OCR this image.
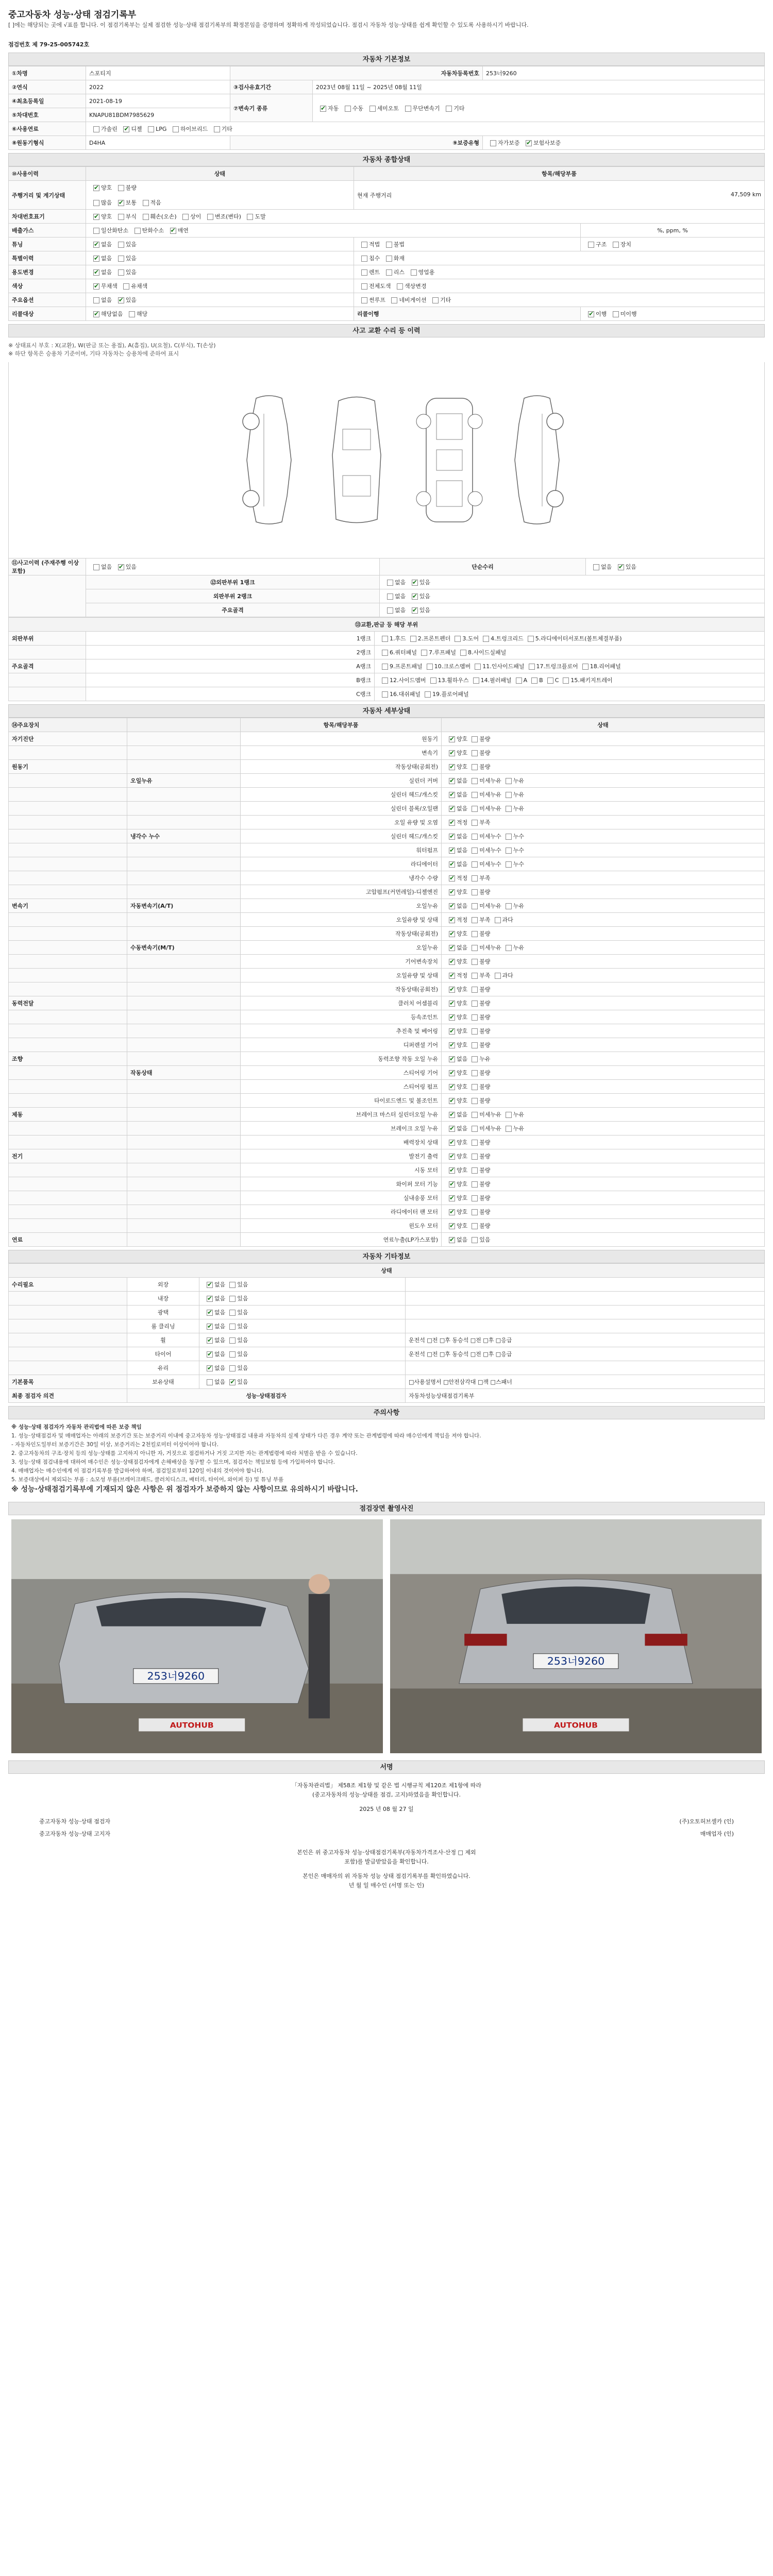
중고자동차 성능·상태 점검기록부
[ ]에는 해당되는 곳에 √표를 합니다. 이 점검기록부는 실제 점검한 성능·상태 점검기록부의 확정본임을 증명하며 정확하게 작성되었습니다. 점검시 자동차 성능·상태를 쉽게 확인할 수 있도록 사용하시기 바랍니다.
점검번호 제 79-25-005742호
자동차 기본정보
①차명	스포티지	자동차등록번호		253너9260
②연식	2022	③검사유효기간	2023년 08월 11일 ~ 2025년 08월 11일	
④최초등록일	2021-08-19	⑦변속기 종류	✔자동 수동 세미오토 무단변속기 기타
⑤차대번호	KNAPU81BDM7985629			
⑥사용연료	가솔린 ✔ 디젤 LPG 하이브리드 기타
⑧원동기형식	D4HA	⑨보증유형		자가보증 ✔ 보험사보증
자동차 종합상태
⑩사용이력	상태	항목/해당부품	
주행거리 및 계기상태	✔양호 불량

많음 ✔ 보통 적음	현재 주행거리 47,509 km	

차대번호표기	✔양호 부식 훼손(오손) 상이 변조(변타) 도말
배출가스	일산화탄소 탄화수소 ✔ 매연		%, ppm, %
튜닝	✔없음 있음	적법 불법	구조 장치
특별이력	✔없음 있음	침수 화재	
용도변경	✔없음 있음	렌트 리스 영업용	
색상	✔무채색 유채색	전체도색 색상변경	
주요옵션	없음 ✔ 있음	썬루프 네비게이션 기타	
리콜대상	✔해당없음 해당	리콜이행	✔이행 미이행
사고 교환 수리 등 이력
※ 상태표시 부호 : X(교환), W(판금 또는 용접), A(흠집), U(요철), C(부식), T(손상)
※ 하단 항목은 승용차 기준이며, 기타 자동차는 승용차에 준하여 표시
⑪사고이력 (주재주행 이상 포함)	없음 ✔ 있음	단순수리	없음 ✔ 있음
	⑫외판부위 1랭크	없음 ✔ 있음
	외판부위 2랭크	없음 ✔ 있음
	주요골격	없음 ✔ 있음
⑬교환,판금 등 해당 부위		
외판부위	1랭크	1.후드 2.프론트펜더 3.도어 4.트렁크리드 5.라디에이터서포트(볼트체결부품)
	2랭크	6.쿼터패널 7.루프패널 8.사이드실패널
주요골격	A랭크	9.프론트패널 10.크로스멤버 11.인사이드패널 17.트렁크플로어 18.리어패널
	B랭크	12.사이드멤버 13.휠하우스 14.필러패널 A B C 15.패키지트레이
	C랭크	16.대쉬패널 19.플로어패널
자동차 세부상태
⑭주요장치		항목/해당부품	상태
자기진단		원동기	✔양호 불량
		변속기	✔양호 불량
원동기		작동상태(공회전)	✔양호 불량
	오일누유	실린더 커버	✔없음 미세누유 누유
		실린더 헤드/개스킷	✔없음 미세누유 누유
		실린더 블록/오일팬	✔없음 미세누유 누유
		오일 유량 및 오염	✔적정 부족
	냉각수 누수	실린더 헤드/개스킷	✔없음 미세누수 누수
		워터펌프	✔없음 미세누수 누수
		라디에이터	✔없음 미세누수 누수
		냉각수 수량	✔적정 부족
		고압펌프(커먼레일)-디젤엔진	✔양호 불량
변속기	자동변속기(A/T)	오일누유	✔없음 미세누유 누유
		오일유량 및 상태	✔적정 부족 과다
		작동상태(공회전)	✔양호 불량
	수동변속기(M/T)	오일누유	✔없음 미세누유 누유
		기어변속장치	✔양호 불량
		오일유량 및 상태	✔적정 부족 과다
		작동상태(공회전)	✔양호 불량
동력전달		클러치 어셈블리	✔양호 불량
		등속조인트	✔양호 불량
		추진축 및 베어링	✔양호 불량
		디퍼렌셜 기어	✔양호 불량
조향		동력조향 작동 오일 누유	✔없음 누유
	작동상태	스티어링 기어	✔양호 불량
		스티어링 펌프	✔양호 불량
		타이로드엔드 및 볼조인트	✔양호 불량
제동		브레이크 마스터 실린더오일 누유	✔없음 미세누유 누유
		브레이크 오일 누유	✔없음 미세누유 누유
		배력장치 상태	✔양호 불량
전기		발전기 출력	✔양호 불량
		시동 모터	✔양호 불량
		와이퍼 모터 기능	✔양호 불량
		실내송풍 모터	✔양호 불량
		라디에이터 팬 모터	✔양호 불량
		윈도우 모터	✔양호 불량
연료		연료누출(LP가스포함)	✔없음 있음
자동차 기타정보
상태			
수리필요	외장	✔없음 있음	
	내장	✔없음 있음	
	광택	✔없음 있음	
	룸 클리닝	✔없음 있음	
	휠	✔없음 있음	운전석 □전 □후 동승석 □전 □후 □응급
	타이어	✔없음 있음	운전석 □전 □후 동승석 □전 □후 □응급
	유리	✔없음 있음	
기본품목	보유상태	없음 ✔ 있음	□사용설명서 □안전삼각대 □잭 □스패너
최종 점검자 의견	성능·상태점검자		자동차성능상태점검기록부
주의사항

※ 성능·상태 점검자가 자동차 관리법에 따른 보증 책임

1. 성능·상태점검자 및 매매업자는 아래의 보증기간 또는 보증거리 이내에 중고자동차 성능·상태점검 내용과 자동차의 실제 상태가 다른 경우 계약 또는 관계법령에 따라 매수인에게 책임을 져야 합니다.

- 자동차인도일부터 보증기간은 30일 이상, 보증거리는 2천킬로미터 이상이어야 합니다.

2. 중고자동차의 구조·장치 등의 성능·상태를 고지하지 아니한 자, 거짓으로 점검하거나 거짓 고지한 자는 관계법령에 따라 처벌을 받을 수 있습니다.

3. 성능·상태 점검내용에 대하여 매수인은 성능·상태점검자에게 손해배상을 청구할 수 있으며, 점검자는 책임보험 등에 가입하여야 합니다.

4. 매매업자는 매수인에게 이 점검기록부를 발급하여야 하며, 점검일로부터 120일 이내의 것이어야 합니다.

5. 보증대상에서 제외되는 부품 : 소모성 부품(브레이크패드, 클러치디스크, 배터리, 타이어, 와이퍼 등) 및 튜닝 부품

※ 성능·상태점검기록부에 기재되지 않은 사항은 위 점검자가 보증하지 않는 사항이므로 유의하시기 바랍니다.

점검장면 촬영사진
253너9260
AUTOHUB
253너9260
AUTOHUB
서명
「자동차관리법」 제58조 제1항 및 같은 법 시행규칙 제120조 제1항에 따라
(중고자동차의 성능·상태를 점검, 고지)하였음을 확인합니다.
2025 년 08 월 27 일
중고자동차 성능·상태 점검자	(주)오토허브셀카 (인)
중고자동차 성능·상태 고지자	매매업자 (인)
본인은 위 중고자동차 성능·상태점검기록부(자동차가격조사·산정 □ 제외
포함)를 발급받았음을 확인합니다.
본인은 매매자의 위 자동차 성능 상태 점검기록부를 확인하였습니다.
년 월 일 매수인 (서명 또는 인)
